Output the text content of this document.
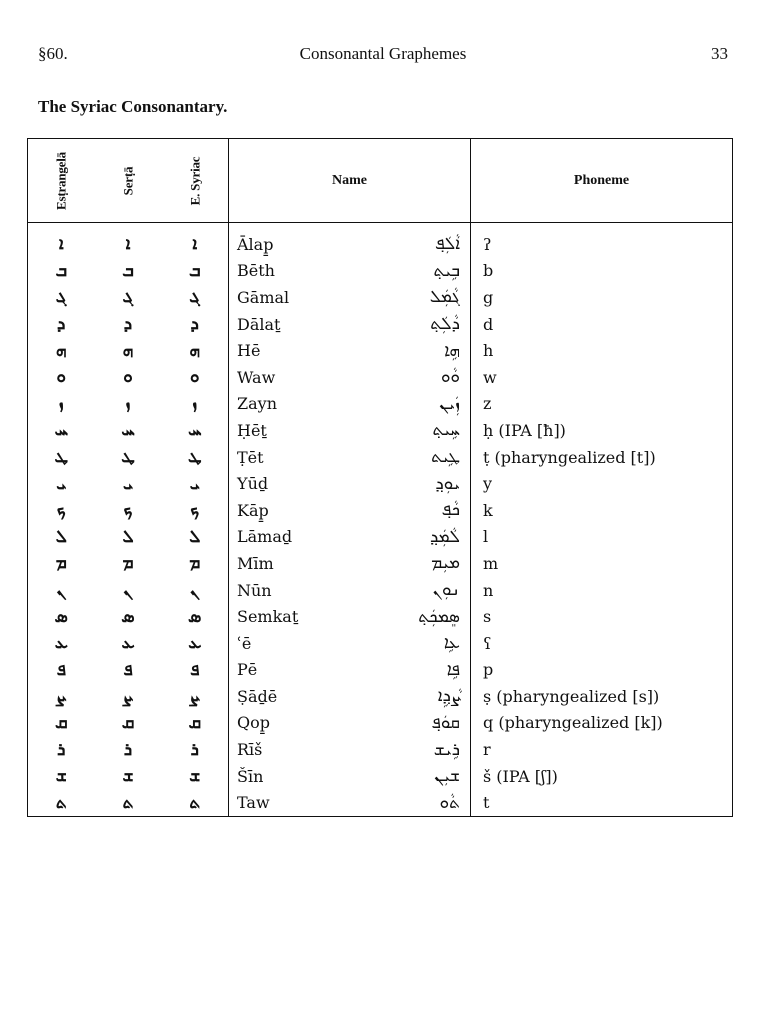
§60.	Consonantal Graphemes	33
The Syriac Consonantary.
Esṭrangelā	Serṭā	E. Syriac	Name	Phoneme

ܐ	ܐ	ܐ	Ālap̱ ܐܵܠܲܦ݂	ʔ
ܒ	ܒ	ܒ	Bēth ܒܹܝܬ݂	b
ܓ	ܓ	ܓ	Gāmal ܓܵܡܲܠ	g
ܕ	ܕ	ܕ	Dālaṯ ܕܵܠܲܬ݂	d
ܗ	ܗ	ܗ	Hē ܗܹܐ	h
ܘ	ܘ	ܘ	Waw ܘܵܘ	w
ܙ	ܙ	ܙ	Zayn ܙܲܝܢ	z
ܚ	ܚ	ܚ	Ḥēṯ ܚܹܝܬ݂	ḥ (IPA [ħ])
ܛ	ܛ	ܛ	Ṭēt ܛܹܝܬ	ṭ (pharyngealized [t])
ܝ	ܝ	ܝ	Yūḏ ܝܘܼܕ݂	y
ܟ	ܟ	ܟ	Kāp̱ ܟܵܦ݂	k
ܠ	ܠ	ܠ	Lāmaḏ ܠܵܡܲܕ݂	l
ܡ	ܡ	ܡ	Mīm ܡܝܼܡ	m
ܢ	ܢ	ܢ	Nūn ܢܘܼܢ	n
ܣ	ܣ	ܣ	Semkaṯ ܣܸܡܟܲܬ݂	s
ܥ	ܥ	ܥ	ʿē ܥܹܐ	ʕ
ܦ	ܦ	ܦ	Pē ܦܹܐ	p
ܨ	ܨ	ܨ	Ṣāḏē ܨܵܕ݂ܹܐ	ṣ (pharyngealized [s])
ܩ	ܩ	ܩ	Qop̱ ܩܘܿܦ݂	q (pharyngealized [k])
ܪ	ܪ	ܪ	Rīš ܪܹܝܫ	r
ܫ	ܫ	ܫ	Šīn ܫܝܼܢ	š (IPA [ʃ])
ܬ	ܬ	ܬ	Taw ܬܵܘ	t
